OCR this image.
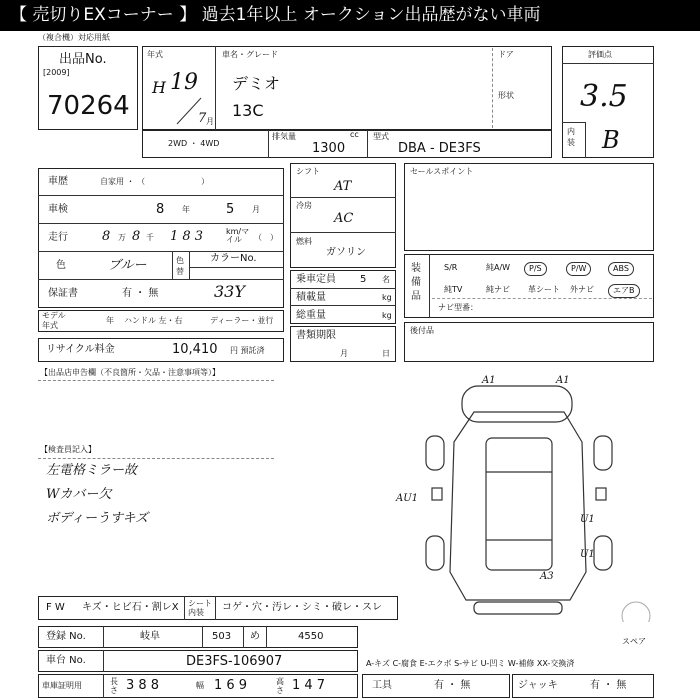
【 売切りEXコーナー 】 過去1年以上 オークション出品歴がない車両
（複合機）対応用紙
出品No.
[2009]
70264
年式
H 19
7 月
車名・グレード
デミオ
13C
ドア
形状
評価点
3.5
内装 B
2WD ・ 4WD
排気量	cc
1300
型式
DBA - DE3FS
車歴	自家用 ・ （　　　　　　　）
車検	8 年	5 月
走行	8 万 8 千 1 8 3	km/マイル	（　）
色	ブルー	色替
カラーNo.
33Y
保証書	有 ・ 無
モデル
年式
年 ハンドル 左・右	ディーラー・並行
リサイクル料金	10,410 円 預託済
シフト
AT
冷房
AC
燃料
ガソリン
乗車定員 5 名
積載量	kg
総重量	kg
書類期限
月	日
セールスポイント
装備品
S/R	純A/W	P/S	P/W	ABS
純TV	純ナビ	革シート	外ナビ	エアB
ナビ型番：
後付品
【出品店申告欄（不良箇所・欠品・注意事項等）】
【検査員記入】
左電格ミラー故
Wカバー欠
ボディーうすキズ
A1	A1
AU1
U1
U1
A3
スペア
A-キズ C-腐食 E-エクボ S-サビ U-凹ミ W-補修 XX-交換済
F W キズ・ヒビ石・割レX シート内装	コゲ・穴・汚レ・シミ・破レ・スレ
登録 No.	岐阜	503 め	4550
車台 No.	DE3FS-106907
車庫証明用	長さ 3 8 8	幅 1 6 9	高さ 1 4 7	工具	有 ・ 無	ジャッキ	有 ・ 無
